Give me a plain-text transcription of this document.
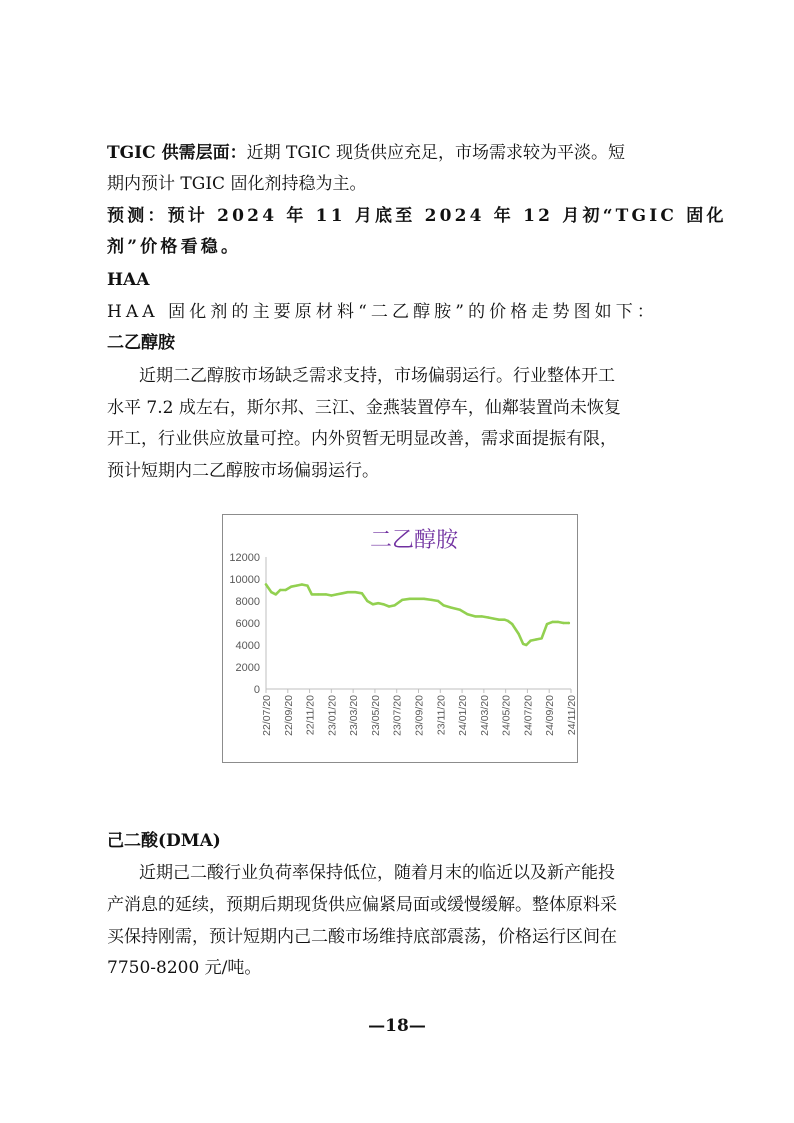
TGIC 供需层面：近期 TGIC 现货供应充足，市场需求较为平淡。短
期内预计 TGIC 固化剂持稳为主。
预测：预计 2024 年 11 月底至 2024 年 12 月初“TGIC 固化
剂”价格看稳。
HAA
HAA 固化剂的主要原材料“二乙醇胺”的价格走势图如下：
二乙醇胺
近期二乙醇胺市场缺乏需求支持，市场偏弱运行。行业整体开工
水平 7.2 成左右，斯尔邦、三江、金燕装置停车，仙鄰装置尚未恢复
开工，行业供应放量可控。内外贸暂无明显改善，需求面提振有限，
预计短期内二乙醇胺市场偏弱运行。
二乙醇胺
0
2000
4000
6000
8000
10000
12000
22/07/20 22/09/20 22/11/20 23/01/20 23/03/20 23/05/20 23/07/20 23/09/20 23/11/20 24/01/20 24/03/20 24/05/20 24/07/20 24/09/20 24/11/20
己二酸(DMA)
近期己二酸行业负荷率保持低位，随着月末的临近以及新产能投
产消息的延续，预期后期现货供应偏紧局面或缓慢缓解。整体原料采
买保持刚需，预计短期内己二酸市场维持底部震荡，价格运行区间在
7750-8200 元/吨。
—18—
